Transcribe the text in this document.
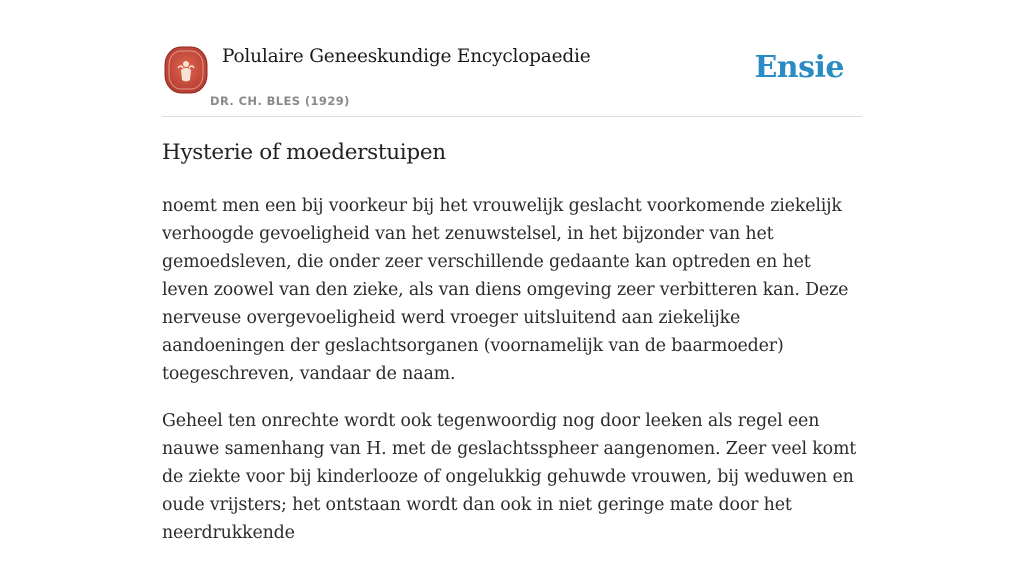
Polulaire Geneeskundige Encyclopaedie
DR. CH. BLES (1929)
Ensie
Hysterie of moederstuipen

noemt men een bij voorkeur bij het vrouwelijk geslacht voorkomende ziekelijk verhoogde gevoeligheid van het zenuwstelsel, in het bijzonder van het gemoedsleven, die onder zeer verschillende gedaante kan optreden en het leven zoowel van den zieke, als van diens omgeving zeer verbitteren kan. Deze nerveuse overgevoeligheid werd vroeger uitsluitend aan ziekelijke aandoeningen der geslachtsorganen (voornamelijk van de baarmoeder) toegeschreven, vandaar de naam.

Geheel ten onrechte wordt ook tegenwoordig nog door leeken als regel een nauwe samenhang van H. met de geslachtsspheer aangenomen. Zeer veel komt de ziekte voor bij kinderlooze of ongelukkig gehuwde vrouwen, bij weduwen en oude vrijsters; het ontstaan wordt dan ook in niet geringe mate door het neerdrukkende
